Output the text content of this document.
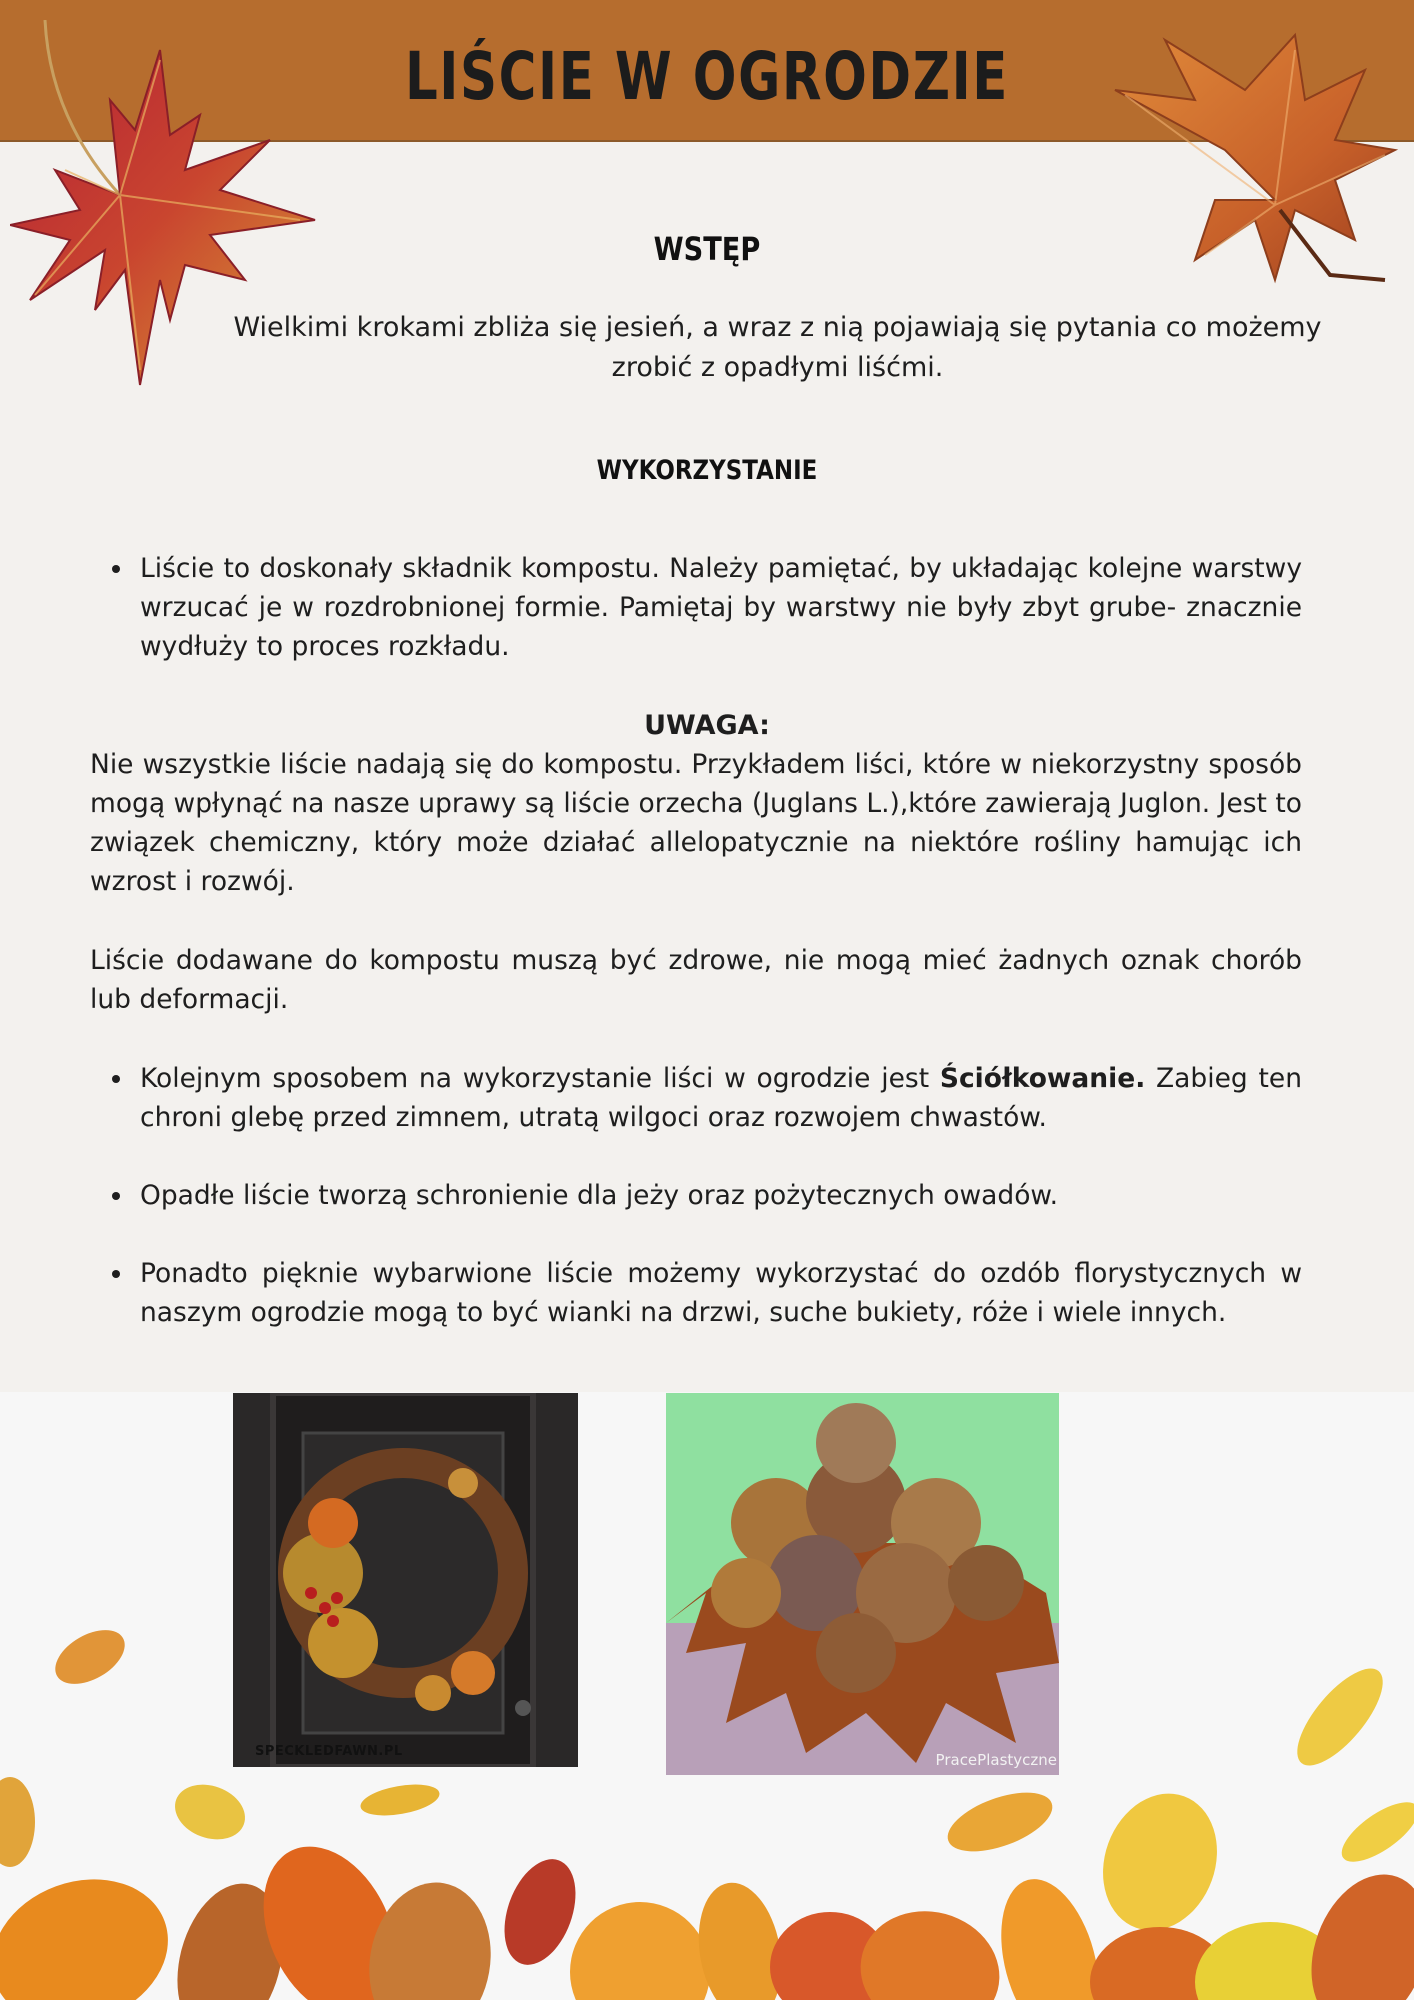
LIŚCIE W OGRODZIE
WSTĘP
Wielkimi krokami zbliża się jesień, a wraz z nią pojawiają się pytania co możemy zrobić z opadłymi liśćmi.
WYKORZYSTANIE
Liście to doskonały składnik kompostu. Należy pamiętać, by układając kolejne warstwy wrzucać je w rozdrobnionej formie. Pamiętaj by warstwy nie były zbyt grube- znacznie wydłuży to proces rozkładu.
UWAGA:
Nie wszystkie liście nadają się do kompostu. Przykładem liści, które w niekorzystny sposób mogą wpłynąć na nasze uprawy są liście orzecha (Juglans L.),które zawierają Juglon. Jest to związek chemiczny, który może działać allelopatycznie na niektóre rośliny hamując ich wzrost i rozwój.
Liście dodawane do kompostu muszą być zdrowe, nie mogą mieć żadnych oznak chorób lub deformacji.
Kolejnym sposobem na wykorzystanie liści w ogrodzie jest Ściółkowanie. Zabieg ten chroni glebę przed zimnem, utratą wilgoci oraz rozwojem chwastów.
Opadłe liście tworzą schronienie dla jeży oraz pożytecznych owadów.
Ponadto pięknie wybarwione liście możemy wykorzystać do ozdób florystycznych w naszym ogrodzie mogą to być wianki na drzwi, suche bukiety, róże i wiele innych.
SPECKLEDFAWN.PL	PracePlastyczne
